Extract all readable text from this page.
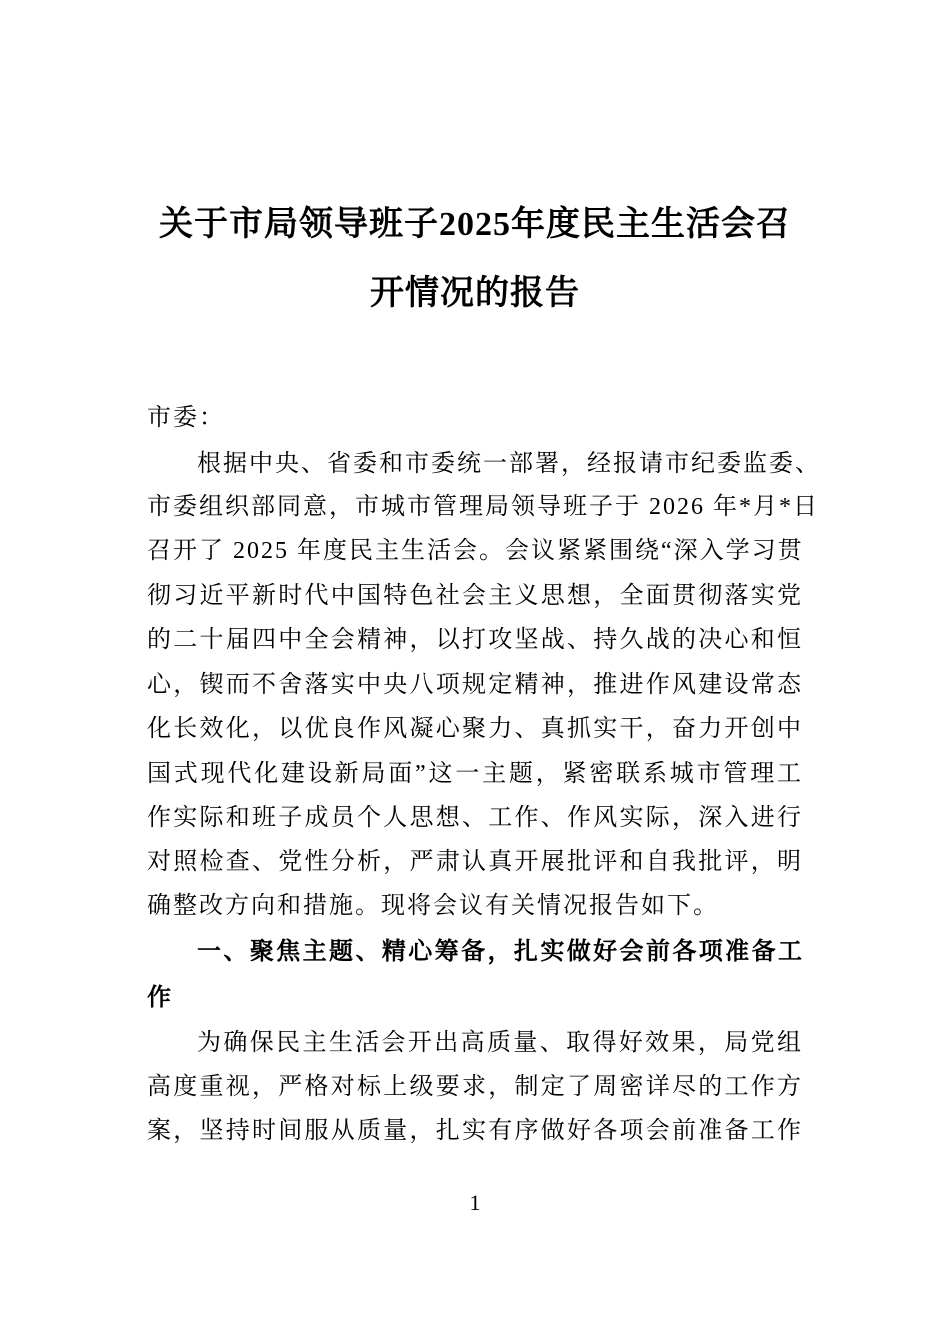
关于市局领导班子2025年度民主生活会召
开情况的报告
市委：
根据中央、省委和市委统一部署，经报请市纪委监委、
市委组织部同意，市城市管理局领导班子于 2026 年*月*日
召开了 2025 年度民主生活会。会议紧紧围绕“深入学习贯
彻习近平新时代中国特色社会主义思想，全面贯彻落实党
的二十届四中全会精神，以打攻坚战、持久战的决心和恒
心，锲而不舍落实中央八项规定精神，推进作风建设常态
化长效化，以优良作风凝心聚力、真抓实干，奋力开创中
国式现代化建设新局面”这一主题，紧密联系城市管理工
作实际和班子成员个人思想、工作、作风实际，深入进行
对照检查、党性分析，严肃认真开展批评和自我批评，明
确整改方向和措施。现将会议有关情况报告如下。
一、聚焦主题、精心筹备，扎实做好会前各项准备工
作
为确保民主生活会开出高质量、取得好效果，局党组
高度重视，严格对标上级要求，制定了周密详尽的工作方
案，坚持时间服从质量，扎实有序做好各项会前准备工作
1
